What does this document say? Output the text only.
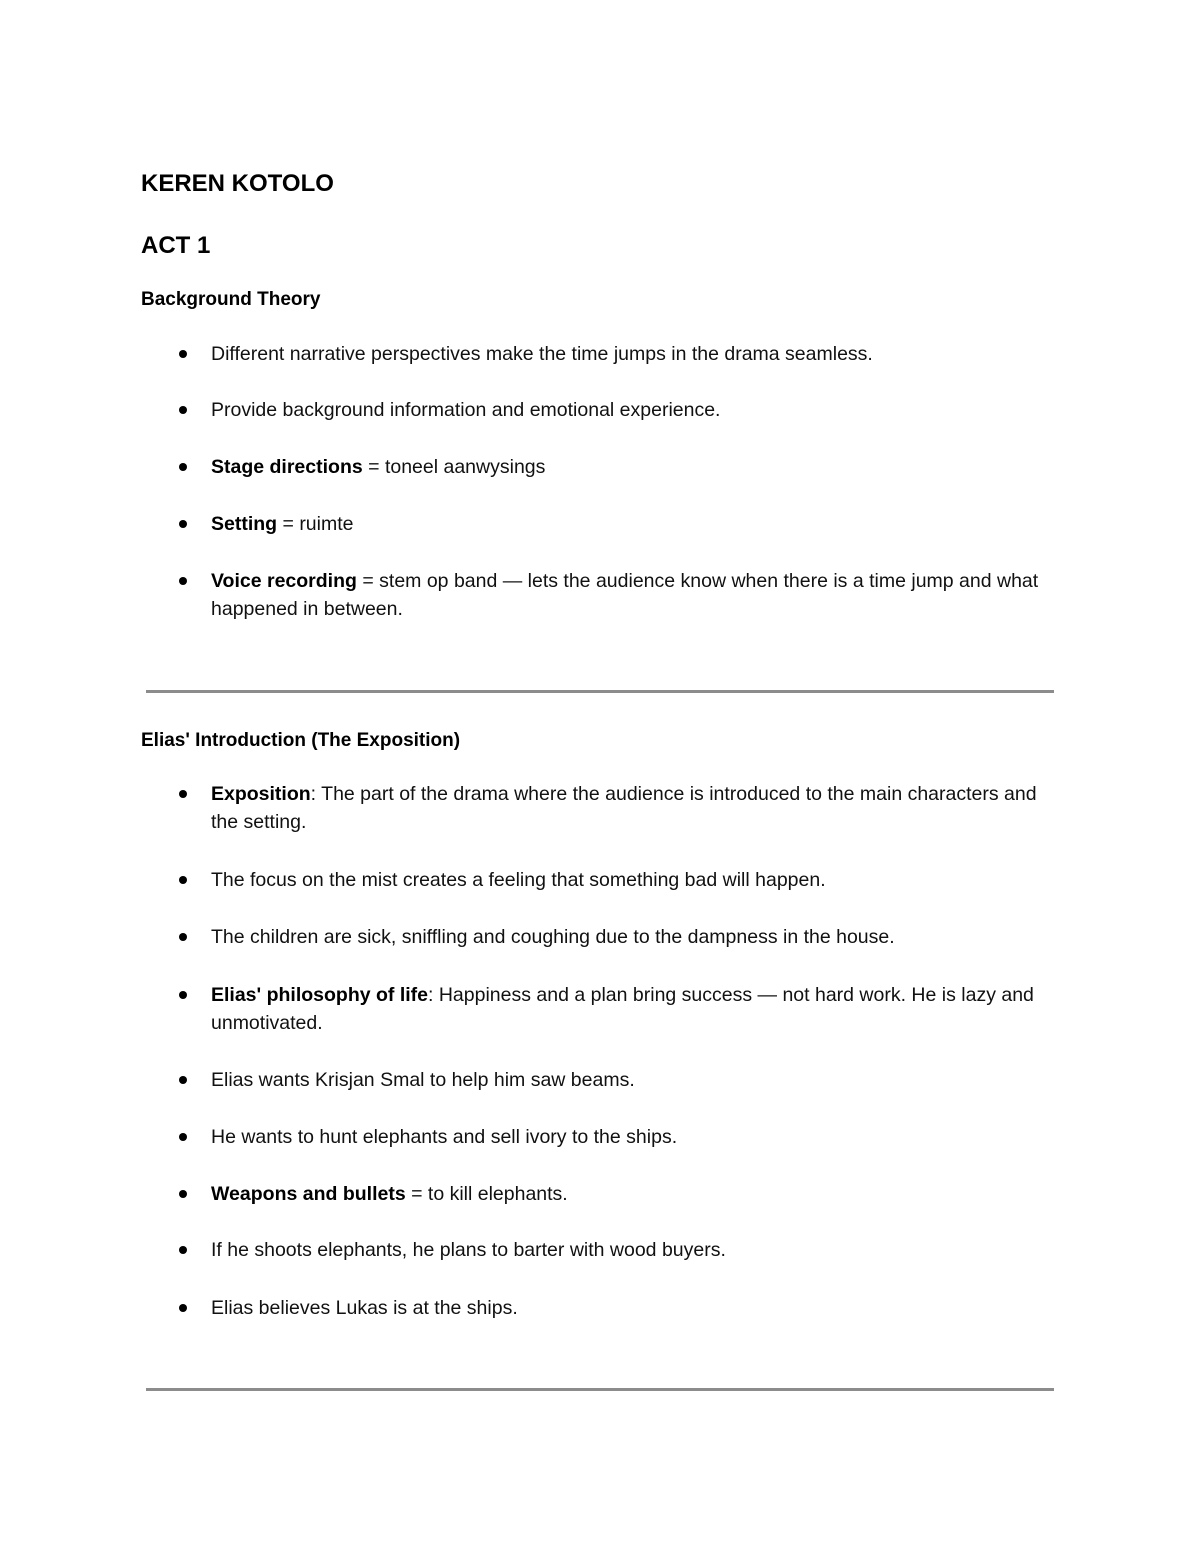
KEREN KOTOLO
ACT 1
Background Theory
Different narrative perspectives make the time jumps in the drama seamless.
Provide background information and emotional experience.
Stage directions = toneel aanwysings
Setting = ruimte
Voice recording = stem op band — lets the audience know when there is a time jump and what happened in between.
Elias' Introduction (The Exposition)
Exposition: The part of the drama where the audience is introduced to the main characters and the setting.
The focus on the mist creates a feeling that something bad will happen.
The children are sick, sniffling and coughing due to the dampness in the house.
Elias' philosophy of life: Happiness and a plan bring success — not hard work. He is lazy and unmotivated.
Elias wants Krisjan Smal to help him saw beams.
He wants to hunt elephants and sell ivory to the ships.
Weapons and bullets = to kill elephants.
If he shoots elephants, he plans to barter with wood buyers.
Elias believes Lukas is at the ships.
